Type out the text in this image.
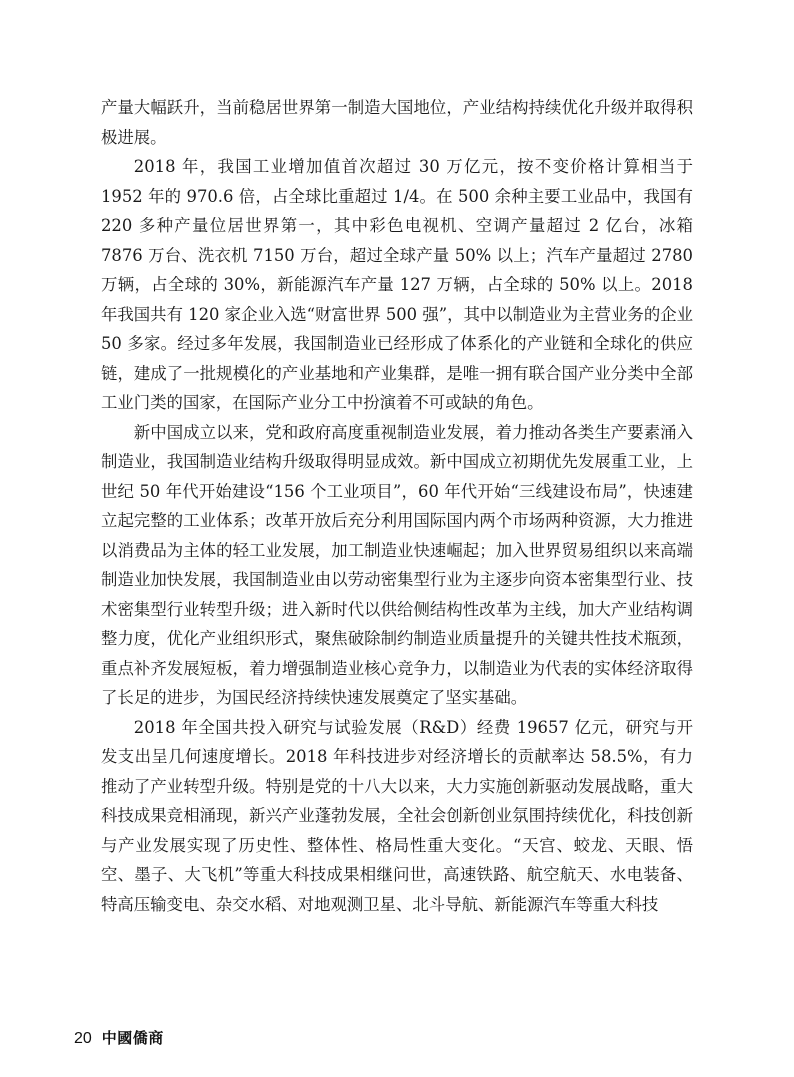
产量大幅跃升，当前稳居世界第一制造大国地位，产业结构持续优化升级并取得积极进展。

2018 年，我国工业增加值首次超过 30 万亿元，按不变价格计算相当于 1952 年的 970.6 倍，占全球比重超过 1/4。在 500 余种主要工业品中，我国有 220 多种产量位居世界第一，其中彩色电视机、空调产量超过 2 亿台，冰箱 7876 万台、洗衣机 7150 万台，超过全球产量 50% 以上；汽车产量超过 2780 万辆，占全球的 30%，新能源汽车产量 127 万辆，占全球的 50% 以上。2018 年我国共有 120 家企业入选“财富世界 500 强”，其中以制造业为主营业务的企业 50 多家。经过多年发展，我国制造业已经形成了体系化的产业链和全球化的供应链，建成了一批规模化的产业基地和产业集群，是唯一拥有联合国产业分类中全部工业门类的国家，在国际产业分工中扮演着不可或缺的角色。

新中国成立以来，党和政府高度重视制造业发展，着力推动各类生产要素涌入制造业，我国制造业结构升级取得明显成效。新中国成立初期优先发展重工业，上世纪 50 年代开始建设“156 个工业项目”，60 年代开始“三线建设布局”，快速建立起完整的工业体系；改革开放后充分利用国际国内两个市场两种资源，大力推进以消费品为主体的轻工业发展，加工制造业快速崛起；加入世界贸易组织以来高端制造业加快发展，我国制造业由以劳动密集型行业为主逐步向资本密集型行业、技术密集型行业转型升级；进入新时代以供给侧结构性改革为主线，加大产业结构调整力度，优化产业组织形式，聚焦破除制约制造业质量提升的关键共性技术瓶颈，重点补齐发展短板，着力增强制造业核心竞争力，以制造业为代表的实体经济取得了长足的进步，为国民经济持续快速发展奠定了坚实基础。

2018 年全国共投入研究与试验发展（R&D）经费 19657 亿元，研究与开发支出呈几何速度增长。2018 年科技进步对经济增长的贡献率达 58.5%，有力推动了产业转型升级。特别是党的十八大以来，大力实施创新驱动发展战略，重大科技成果竞相涌现，新兴产业蓬勃发展，全社会创新创业氛围持续优化，科技创新与产业发展实现了历史性、整体性、格局性重大变化。“天宫、蛟龙、天眼、悟空、墨子、大飞机”等重大科技成果相继问世，高速铁路、航空航天、水电装备、特高压输变电、杂交水稻、对地观测卫星、北斗导航、新能源汽车等重大科技

20 中國僑商
